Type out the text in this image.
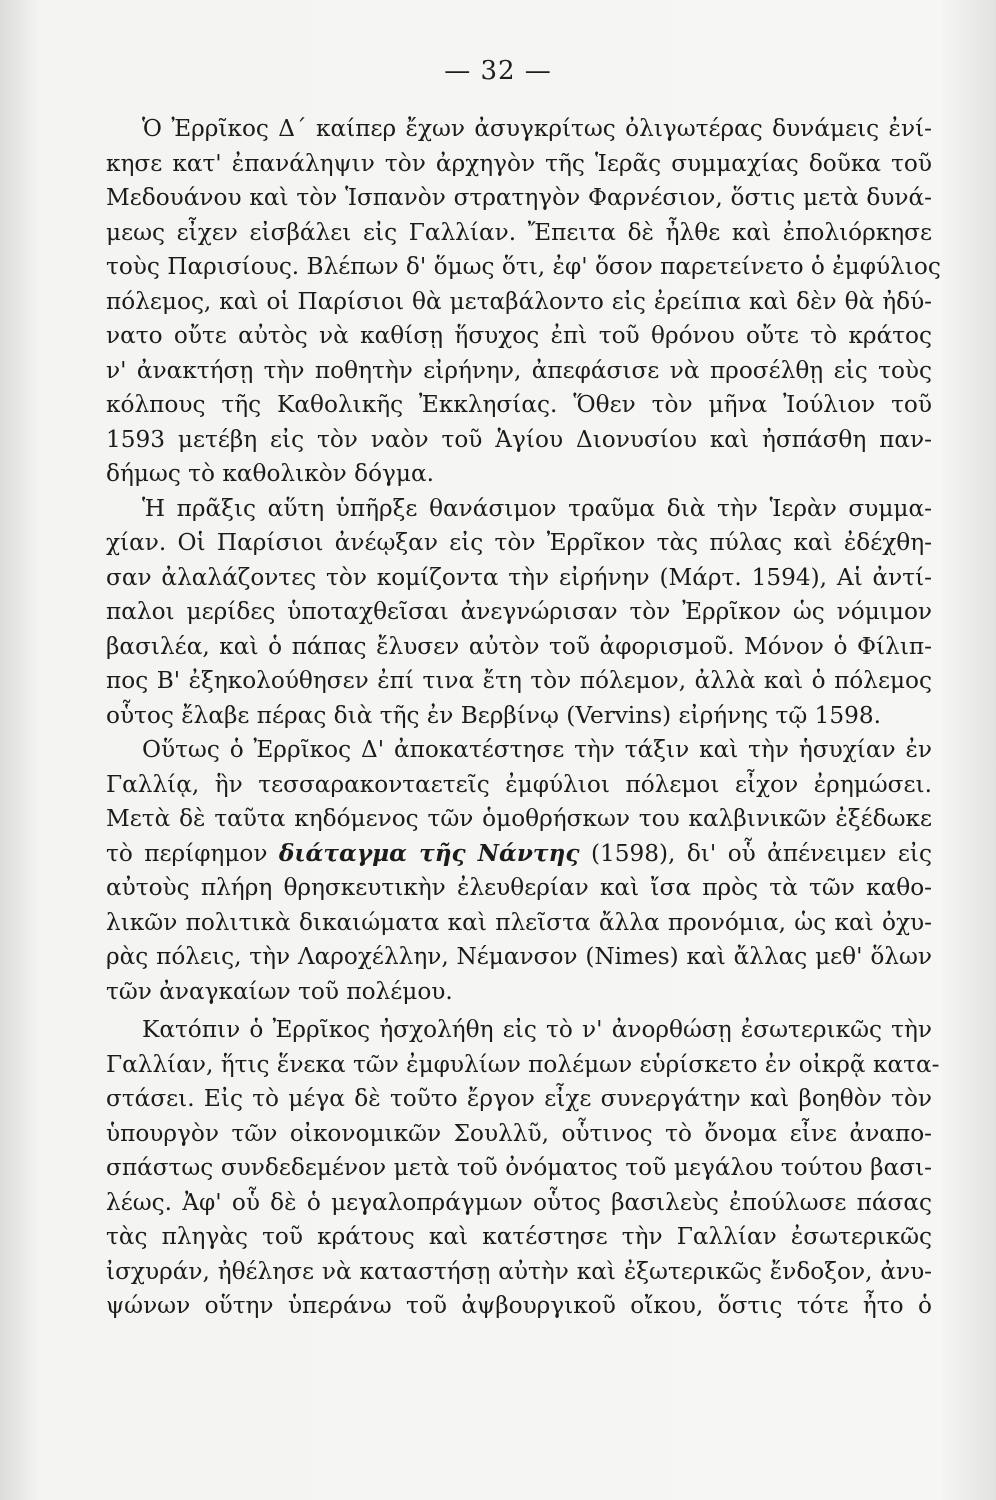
— 32 —
Ὁ Ἐρρῖκος Δ΄ καίπερ ἔχων ἀσυγκρίτως ὀλιγωτέρας δυνάμεις ἐνί-
κησε κατ' ἐπανάληψιν τὸν ἀρχηγὸν τῆς Ἱερᾶς συμμαχίας δοῦκα τοῦ
Μεδουάνου καὶ τὸν Ἱσπανὸν στρατηγὸν Φαρνέσιον, ὅστις μετὰ δυνά-
μεως εἶχεν εἰσβάλει εἰς Γαλλίαν. Ἔπειτα δὲ ἦλθε καὶ ἐπολιόρκησε
τοὺς Παρισίους. Βλέπων δ' ὅμως ὅτι, ἐφ' ὅσον παρετείνετο ὁ ἐμφύλιος
πόλεμος, καὶ οἱ Παρίσιοι θὰ μεταβάλοντο εἰς ἐρείπια καὶ δὲν θὰ ἠδύ-
νατο οὔτε αὐτὸς νὰ καθίσῃ ἥσυχος ἐπὶ τοῦ θρόνου οὔτε τὸ κράτος
ν' ἀνακτήσῃ τὴν ποθητὴν εἰρήνην, ἀπεφάσισε νὰ προσέλθῃ εἰς τοὺς
κόλπους τῆς Καθολικῆς Ἐκκλησίας. Ὅθεν τὸν μῆνα Ἰούλιον τοῦ
1593 μετέβη εἰς τὸν ναὸν τοῦ Ἁγίου Διονυσίου καὶ ἠσπάσθη παν-
δήμως τὸ καθολικὸν δόγμα.
Ἡ πρᾶξις αὕτη ὑπῆρξε θανάσιμον τραῦμα διὰ τὴν Ἱερὰν συμμα-
χίαν. Οἱ Παρίσιοι ἀνέῳξαν εἰς τὸν Ἐρρῖκον τὰς πύλας καὶ ἐδέχθη-
σαν ἀλαλάζοντες τὸν κομίζοντα τὴν εἰρήνην (Μάρτ. 1594), Αἱ ἀντί-
παλοι μερίδες ὑποταχθεῖσαι ἀνεγνώρισαν τὸν Ἐρρῖκον ὡς νόμιμον
βασιλέα, καὶ ὁ πάπας ἔλυσεν αὐτὸν τοῦ ἀφορισμοῦ. Μόνον ὁ Φίλιπ-
πος Β' ἐξηκολούθησεν ἐπί τινα ἔτη τὸν πόλεμον, ἀλλὰ καὶ ὁ πόλεμος
οὗτος ἔλαβε πέρας διὰ τῆς ἐν Βερβίνῳ (Vervins) εἰρήνης τῷ 1598.
Οὕτως ὁ Ἐρρῖκος Δ' ἀποκατέστησε τὴν τάξιν καὶ τὴν ἡσυχίαν ἐν
Γαλλίᾳ, ἣν τεσσαρακονταετεῖς ἐμφύλιοι πόλεμοι εἶχον ἐρημώσει.
Μετὰ δὲ ταῦτα κηδόμενος τῶν ὁμοθρήσκων του καλβινικῶν ἐξέδωκε
τὸ περίφημον διάταγμα τῆς Νάντης (1598), δι' οὗ ἀπένειμεν εἰς
αὐτοὺς πλήρη θρησκευτικὴν ἐλευθερίαν καὶ ἴσα πρὸς τὰ τῶν καθο-
λικῶν πολιτικὰ δικαιώματα καὶ πλεῖστα ἄλλα προνόμια, ὡς καὶ ὀχυ-
ρὰς πόλεις, τὴν Λαροχέλλην, Νέμανσον (Nimes) καὶ ἄλλας μεθ' ὅλων
τῶν ἀναγκαίων τοῦ πολέμου.
Κατόπιν ὁ Ἐρρῖκος ἠσχολήθη εἰς τὸ ν' ἀνορθώσῃ ἐσωτερικῶς τὴν
Γαλλίαν, ἥτις ἕνεκα τῶν ἐμφυλίων πολέμων εὑρίσκετο ἐν οἰκρᾷ κατα-
στάσει. Εἰς τὸ μέγα δὲ τοῦτο ἔργον εἶχε συνεργάτην καὶ βοηθὸν τὸν
ὑπουργὸν τῶν οἰκονομικῶν Σουλλῦ, οὗτινος τὸ ὄνομα εἶνε ἀναπο-
σπάστως συνδεδεμένον μετὰ τοῦ ὀνόματος τοῦ μεγάλου τούτου βασι-
λέως. Ἀφ' οὗ δὲ ὁ μεγαλοπράγμων οὗτος βασιλεὺς ἐπούλωσε πάσας
τὰς πληγὰς τοῦ κράτους καὶ κατέστησε τὴν Γαλλίαν ἐσωτερικῶς
ἰσχυράν, ἠθέλησε νὰ καταστήσῃ αὐτὴν καὶ ἐξωτερικῶς ἔνδοξον, ἀνυ-
ψώνων οὕτην ὑπεράνω τοῦ ἀψβουργικοῦ οἴκου, ὅστις τότε ἦτο ὁ
